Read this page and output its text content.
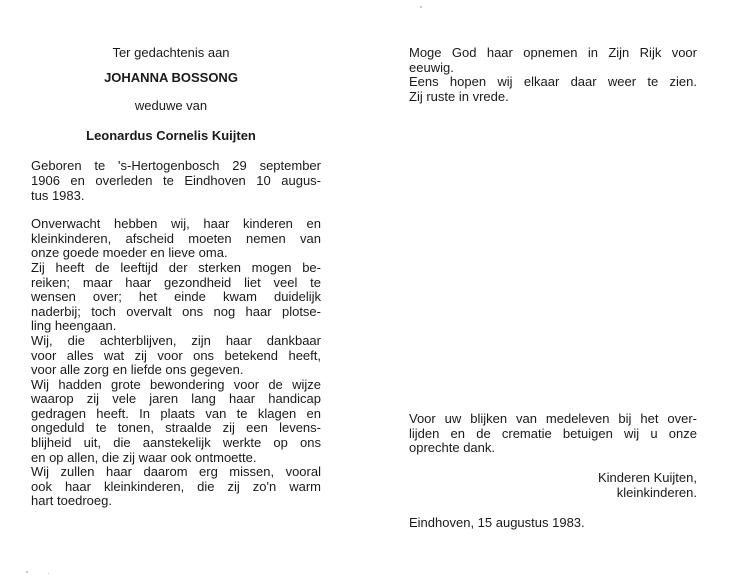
Ter gedachtenis aan
JOHANNA BOSSONG
weduwe van
Leonardus Cornelis Kuijten
Geboren te 's-Hertogenbosch 29 september
1906 en overleden te Eindhoven 10 augus-
tus 1983.
Onverwacht hebben wij, haar kinderen en
kleinkinderen, afscheid moeten nemen van
onze goede moeder en lieve oma.
Zij heeft de leeftijd der sterken mogen be-
reiken; maar haar gezondheid liet veel te
wensen over; het einde kwam duidelijk
naderbij; toch overvalt ons nog haar plotse-
ling heengaan.
Wij, die achterblijven, zijn haar dankbaar
voor alles wat zij voor ons betekend heeft,
voor alle zorg en liefde ons gegeven.
Wij hadden grote bewondering voor de wijze
waarop zij vele jaren lang haar handicap
gedragen heeft. In plaats van te klagen en
ongeduld te tonen, straalde zij een levens-
blijheid uit, die aanstekelijk werkte op ons
en op allen, die zij waar ook ontmoette.
Wij zullen haar daarom erg missen, vooral
ook haar kleinkinderen, die zij zo'n warm
hart toedroeg.
Moge God haar opnemen in Zijn Rijk voor
eeuwig.
Eens hopen wij elkaar daar weer te zien.
Zij ruste in vrede.
Voor uw blijken van medeleven bij het over-
lijden en de crematie betuigen wij u onze
oprechte dank.
Kinderen Kuijten,
kleinkinderen.
Eindhoven, 15 augustus 1983.
